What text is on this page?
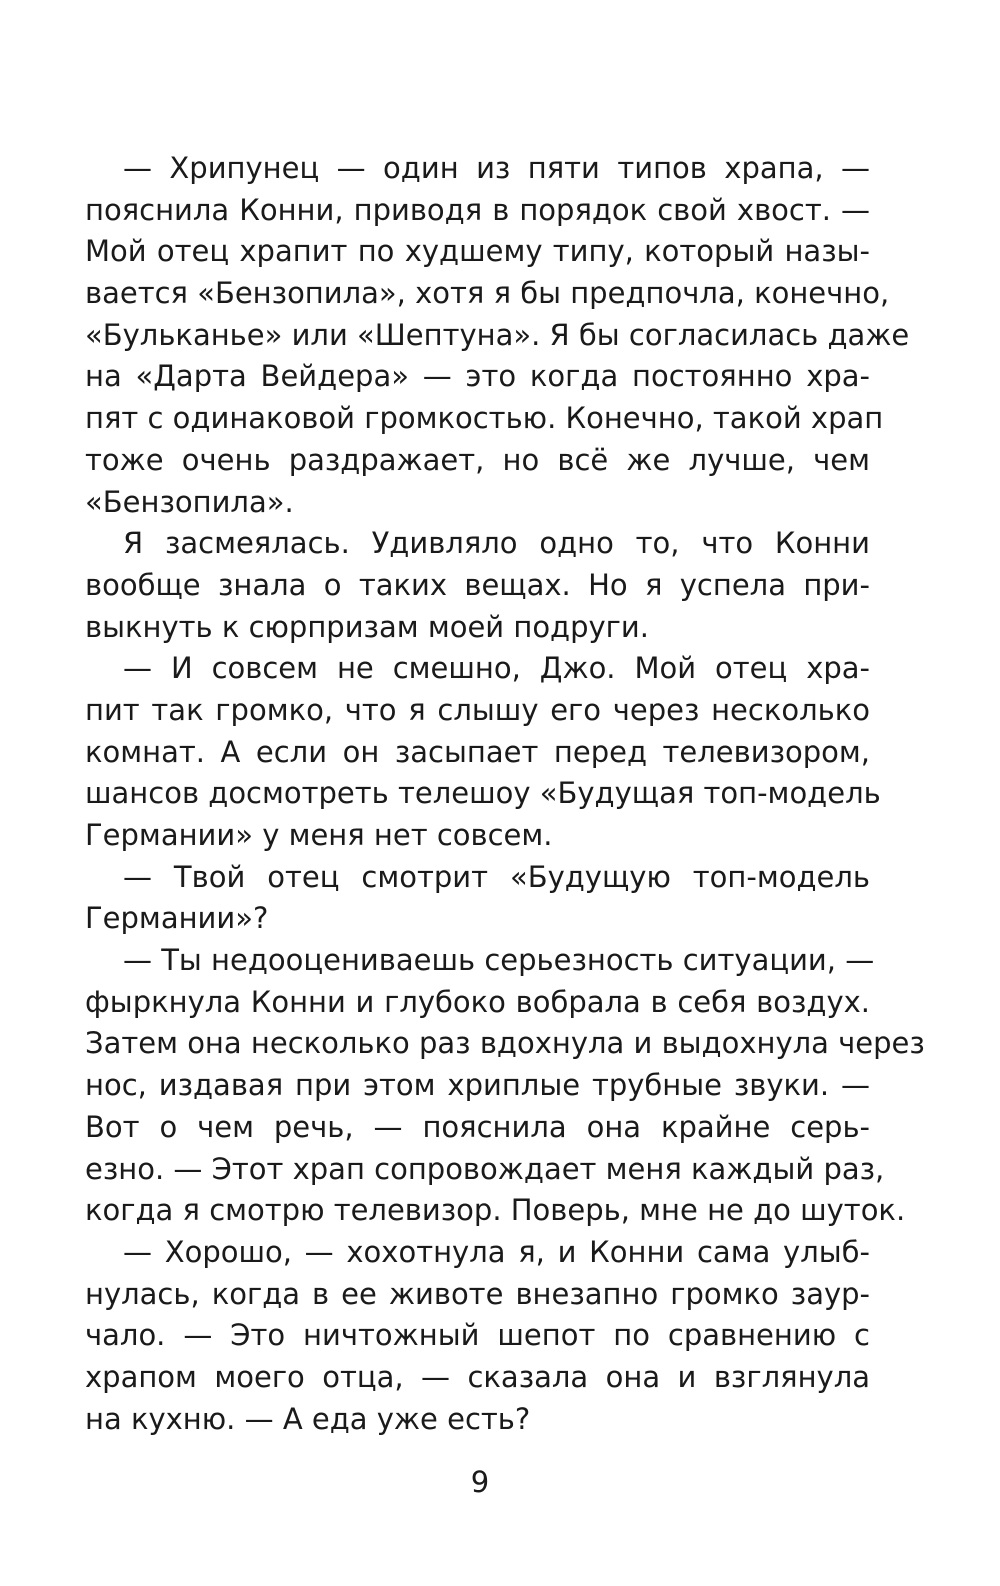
— Хрипунец — один из пяти типов храпа, —
пояснила Конни, приводя в порядок свой хвост. —
Мой отец храпит по худшему типу, который назы-
вается «Бензопила», хотя я бы предпочла, конечно,
«Бульканье» или «Шептуна». Я бы согласилась даже
на «Дарта Вейдера» — это когда постоянно хра-
пят с одинаковой громкостью. Конечно, такой храп
тоже очень раздражает, но всё же лучше, чем
«Бензопила».
Я засмеялась. Удивляло одно то, что Конни
вообще знала о таких вещах. Но я успела при-
выкнуть к сюрпризам моей подруги.
— И совсем не смешно, Джо. Мой отец хра-
пит так громко, что я слышу его через несколько
комнат. А если он засыпает перед телевизором,
шансов досмотреть телешоу «Будущая топ-модель
Германии» у меня нет совсем.
— Твой отец смотрит «Будущую топ-модель
Германии»?
— Ты недооцениваешь серьезность ситуации, —
фыркнула Конни и глубоко вобрала в себя воздух.
Затем она несколько раз вдохнула и выдохнула через
нос, издавая при этом хриплые трубные звуки. —
Вот о чем речь, — пояснила она крайне серь-
езно. — Этот храп сопровождает меня каждый раз,
когда я смотрю телевизор. Поверь, мне не до шуток.
— Хорошо, — хохотнула я, и Конни сама улыб-
нулась, когда в ее животе внезапно громко заур-
чало. — Это ничтожный шепот по сравнению с
храпом моего отца, — сказала она и взглянула
на кухню. — А еда уже есть?
9
